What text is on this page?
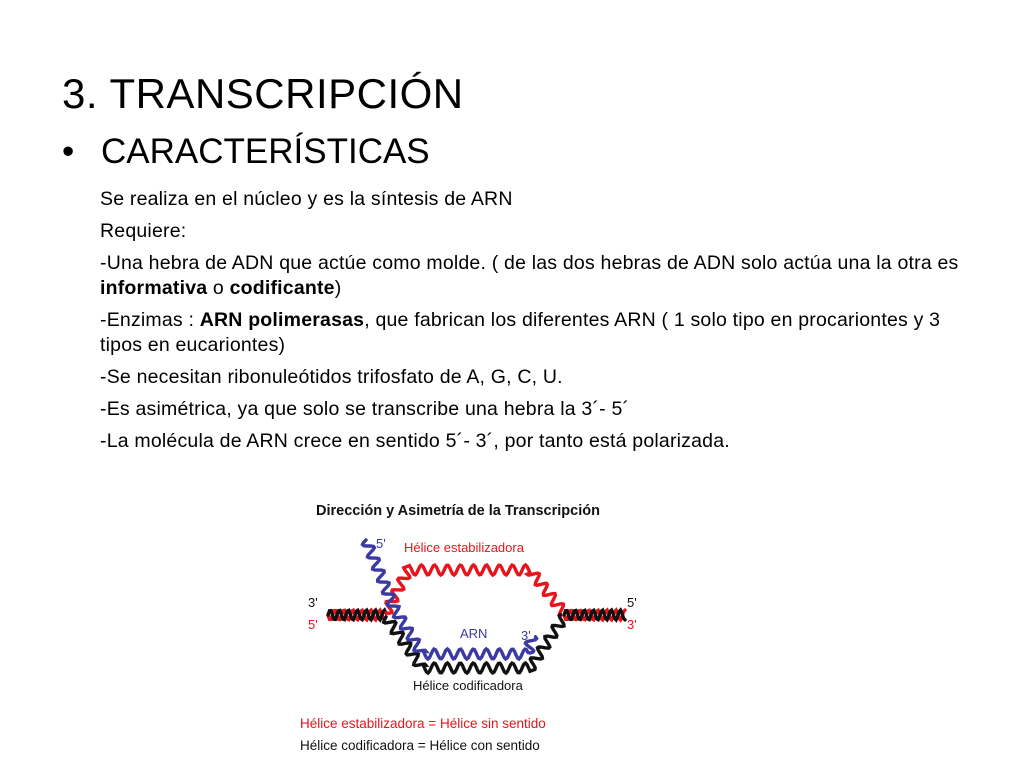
3. TRANSCRIPCIÓN
• CARACTERÍSTICAS

Se realiza en el núcleo y es la síntesis de ARN

Requiere:

-Una hebra de ADN que actúe como molde. ( de las dos hebras de ADN solo actúa una la otra es informativa o codificante)

-Enzimas : ARN polimerasas, que fabrican los diferentes ARN ( 1 solo tipo en procariontes y 3 tipos en eucariontes)

-Se necesitan ribonuleótidos trifosfato de A, G, C, U.

-Es asimétrica, ya que solo se transcribe una hebra la 3´- 5´

-La molécula de ARN crece en sentido 5´- 3´, por tanto está polarizada.

Dirección y Asimetría de la Transcripción
5' Hélice estabilizadora
3'
5'
5'
3'
ARN	3'
Hélice codificadora
Hélice estabilizadora = Hélice sin sentido
Hélice codificadora = Hélice con sentido
